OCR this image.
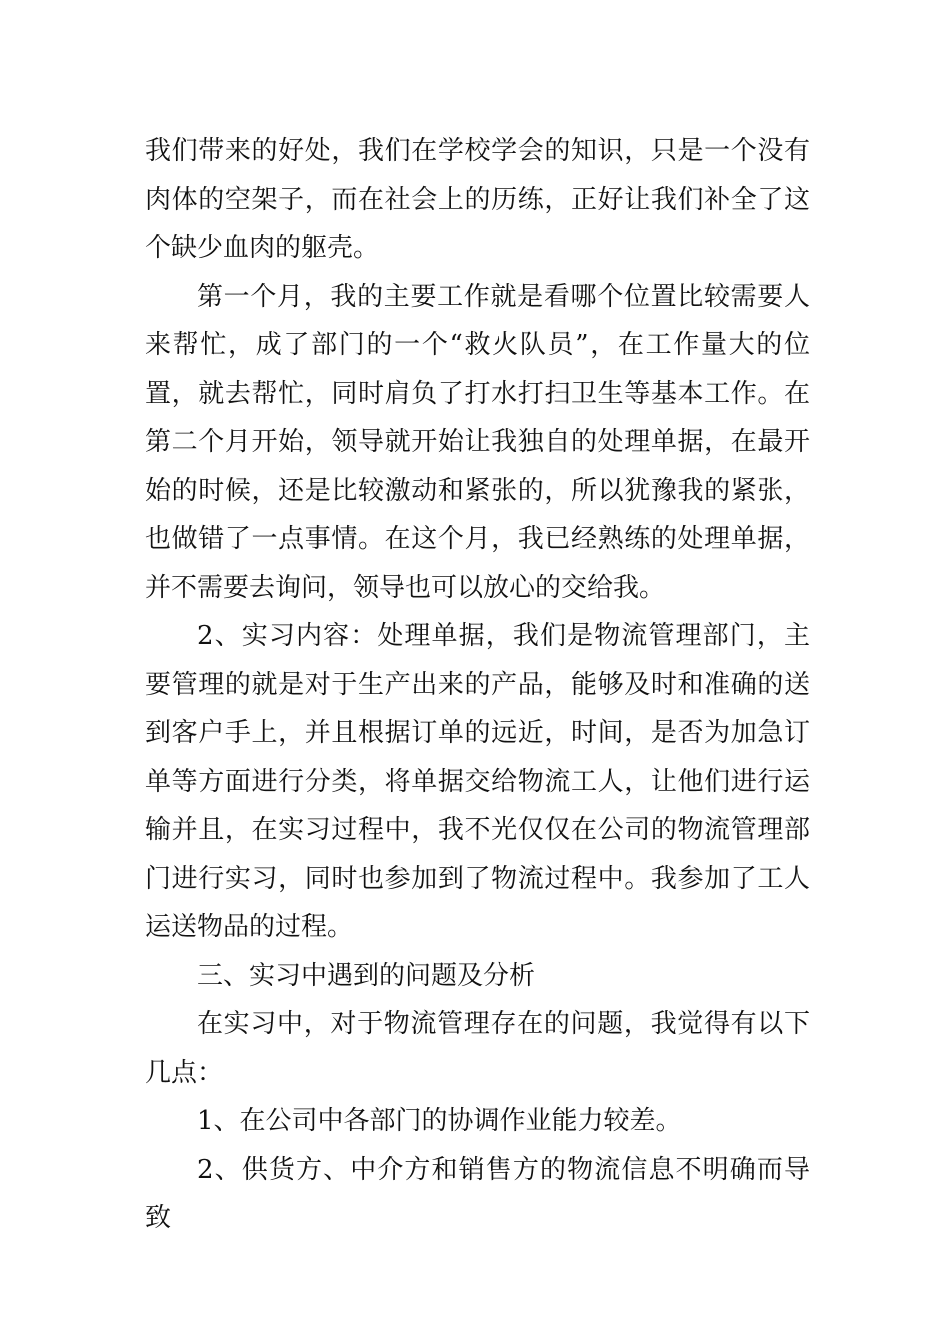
我们带来的好处，我们在学校学会的知识，只是一个没有肉体的空架子，而在社会上的历练，正好让我们补全了这个缺少血肉的躯壳。

第一个月，我的主要工作就是看哪个位置比较需要人来帮忙，成了部门的一个“救火队员”，在工作量大的位置，就去帮忙，同时肩负了打水打扫卫生等基本工作。在第二个月开始，领导就开始让我独自的处理单据，在最开始的时候，还是比较激动和紧张的，所以犹豫我的紧张，也做错了一点事情。在这个月，我已经熟练的处理单据，并不需要去询问，领导也可以放心的交给我。

2、实习内容：处理单据，我们是物流管理部门，主要管理的就是对于生产出来的产品，能够及时和准确的送到客户手上，并且根据订单的远近，时间，是否为加急订单等方面进行分类，将单据交给物流工人，让他们进行运输并且，在实习过程中，我不光仅仅在公司的物流管理部门进行实习，同时也参加到了物流过程中。我参加了工人运送物品的过程。

三、实习中遇到的问题及分析

在实习中，对于物流管理存在的问题，我觉得有以下几点：

1、在公司中各部门的协调作业能力较差。

2、供货方、中介方和销售方的物流信息不明确而导致
